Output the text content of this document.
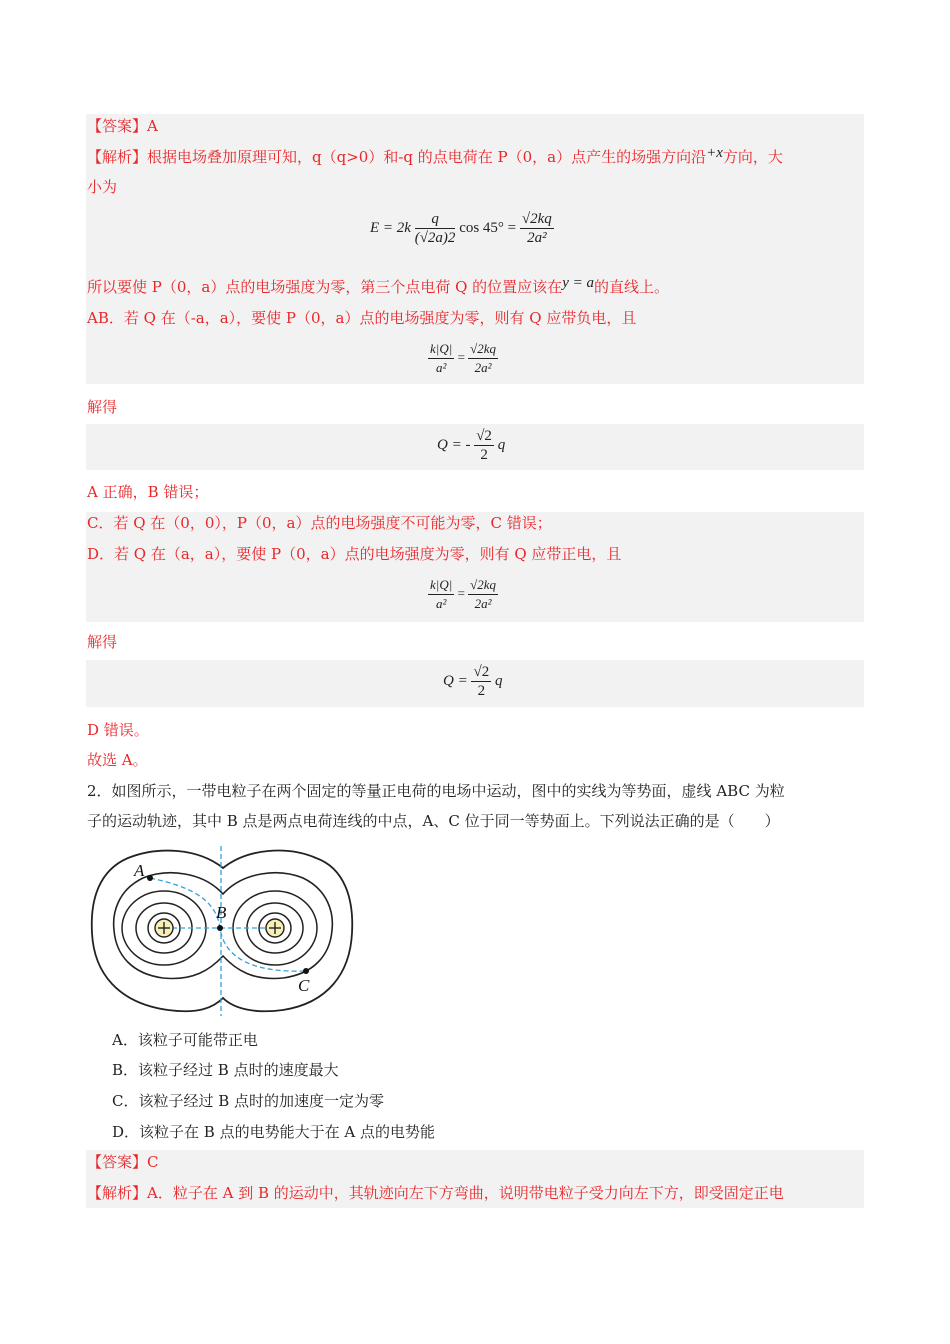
【答案】A
【解析】根据电场叠加原理可知，q（q>0）和-q 的点电荷在 P（0，a）点产生的场强方向沿+x方向，大
小为
$E = 2k \frac{q}{(√2a)2}$ $\cos 45^\circ = \frac{√2kq}{\text{2a²}}$
所以要使 P（0，a）点的电场强度为零，第三个点电荷 Q 的位置应该在y = a的直线上。
AB．若 Q 在（-a，a），要使 P（0，a）点的电场强度为零，则有 Q 应带负电，且
$\frac{k|Q|}{\text{a²}} = \frac{√2kq}{\text{2a²}}$
解得
Q = - $\frac{√2}{2}$ q
A 正确，B 错误；
C．若 Q 在（0，0），P（0，a）点的电场强度不可能为零，C 错误；
D．若 Q 在（a，a），要使 P（0，a）点的电场强度为零，则有 Q 应带正电，且
$\frac{k|Q|}{\text{a²}} = \frac{√2kq}{\text{2a²}}$
解得
$Q = \frac{√2}{2}$ q
D 错误。
故选 A。
2．如图所示，一带电粒子在两个固定的等量正电荷的电场中运动，图中的实线为等势面，虚线 ABC 为粒
子的运动轨迹，其中 B 点是两点电荷连线的中点，A、C 位于同一等势面上。下列说法正确的是（　　）
A
B
C
A．该粒子可能带正电
B．该粒子经过 B 点时的速度最大
C．该粒子经过 B 点时的加速度一定为零
D．该粒子在 B 点的电势能大于在 A 点的电势能
【答案】C
【解析】A．粒子在 A 到 B 的运动中，其轨迹向左下方弯曲，说明带电粒子受力向左下方，即受固定正电
